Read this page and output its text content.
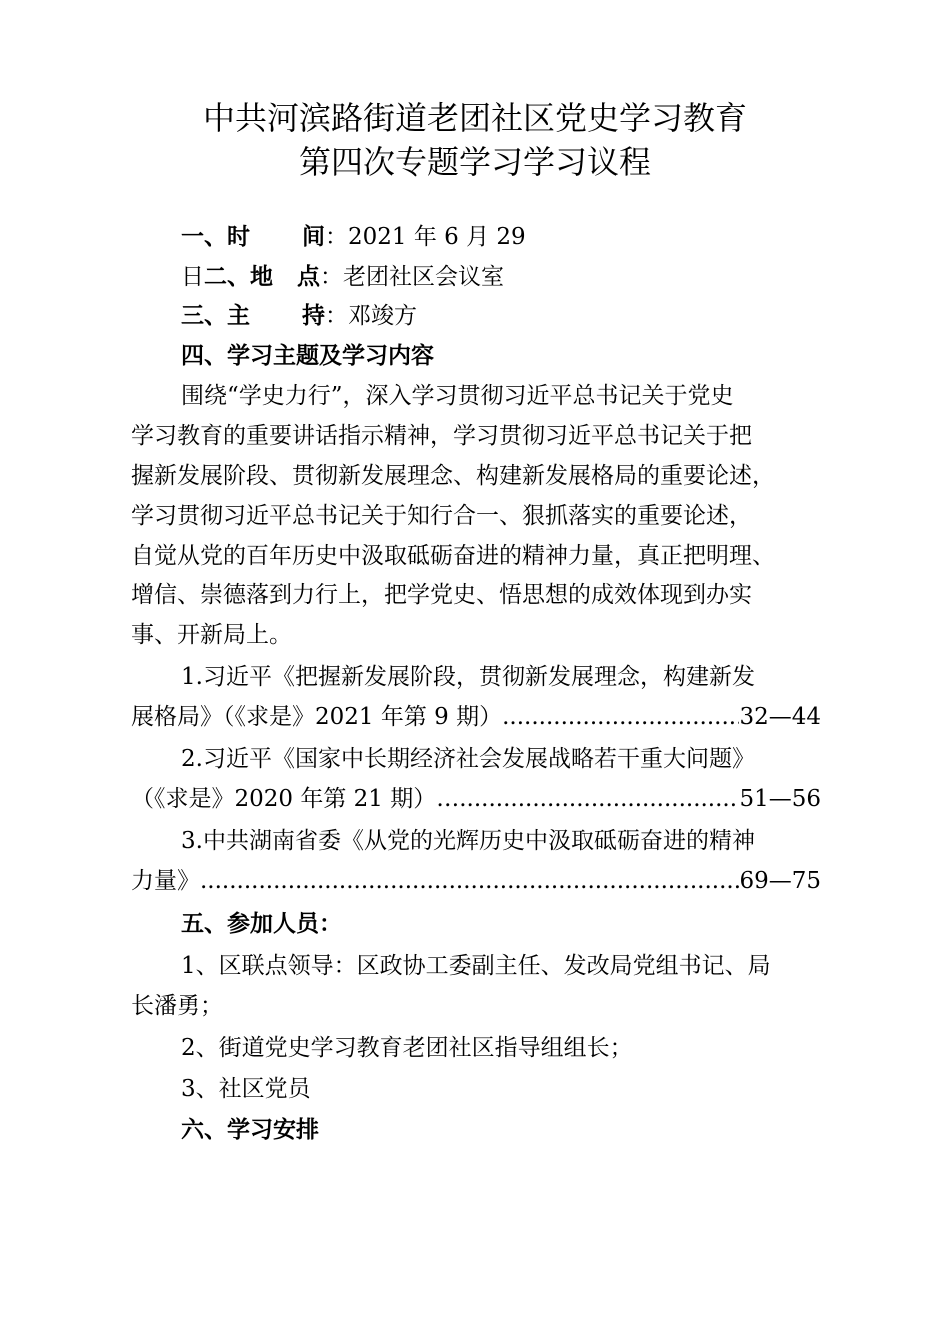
中共河滨路街道老团社区党史学习教育
第四次专题学习学习议程
一、时 间：2021 年 6 月 29
日二、地 点：老团社区会议室
三、主 持：邓竣方
四、学习主题及学习内容
围绕“学史力行”，深入学习贯彻习近平总书记关于党史
学习教育的重要讲话指示精神，学习贯彻习近平总书记关于把
握新发展阶段、贯彻新发展理念、构建新发展格局的重要论述，
学习贯彻习近平总书记关于知行合一、狠抓落实的重要论述，
自觉从党的百年历史中汲取砥砺奋进的精神力量，真正把明理、
增信、崇德落到力行上，把学党史、悟思想的成效体现到办实
事、开新局上。
1.习近平《把握新发展阶段，贯彻新发展理念，构建新发
展格局》（《求是》2021 年第 9 期） .....	32—44
2.习近平《国家中长期经济社会发展战略若干重大问题》
（《求是》2020 年第 21 期）… .....	51—56
3.中共湖南省委《从党的光辉历史中汲取砥砺奋进的精神
力量》 .....	69—75
五、参加人员：
1、区联点领导：区政协工委副主任、发改局党组书记、局
长潘勇；
2、街道党史学习教育老团社区指导组组长；
3、社区党员
六、学习安排
